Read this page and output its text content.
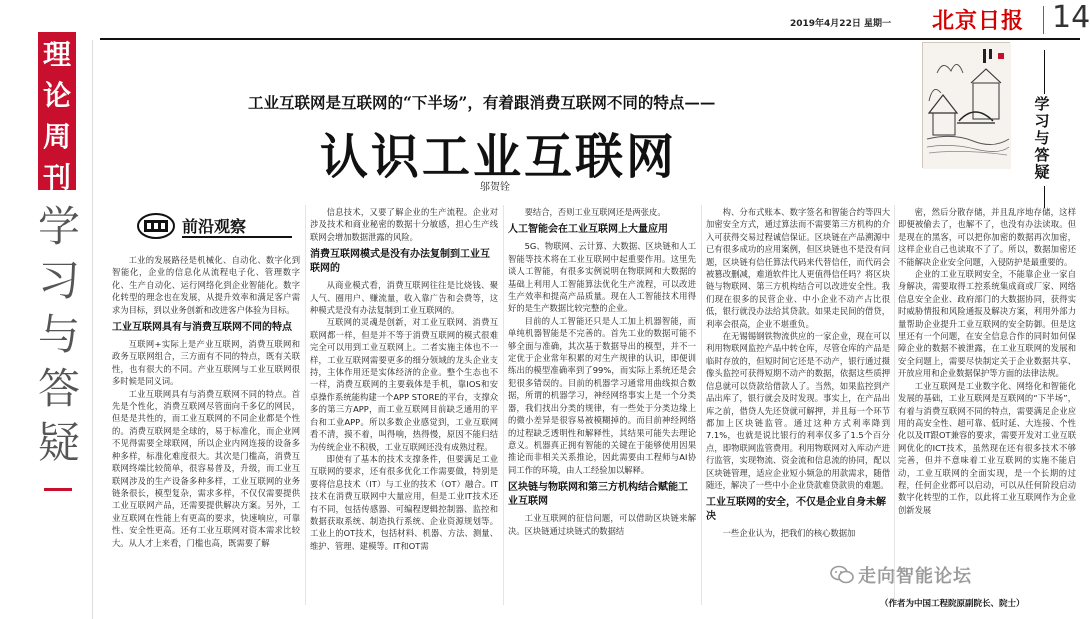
2019年4月22日 星期一 北京日报 14
理
论
周
刊
学
习
与
答
疑
工业互联网是互联网的“下半场”，有着跟消费互联网不同的特点——
认识工业互联网
邬贺铨
学
习
与
答
疑
前沿观察

工业的发展路径是机械化、自动化、数字化到智能化，企业的信息化从流程电子化、管理数字化、生产自动化、运行网络化到企业智能化。数字化转型的理念也在发展，从提升效率和满足客户需求为目标，到以业务创新和改进客户体验为目标。

工业互联网具有与消费互联网不同的特点

互联网+实际上是产业互联网，消费互联网和政务互联网组合，三方面有不同的特点，既有关联性，也有很大的不同。产业互联网与工业互联网很多时候是同义词。

工业互联网具有与消费互联网不同的特点。首先是个性化，消费互联网尽管面向千多亿的网民，但是是共性的，而工业互联网的不同企业都是个性的。消费互联网是全球的，易于标准化，而企业网不见得需要全球联网，所以企业内网连接的设备多种多样，标准化难度很大。其次是门槛高，消费互联网终端比较简单，很容易普及，升级，而工业互联网涉及的生产设备多种多样，工业互联网的业务链条很长，模型复杂，需求多样，不仅仅需要提供工业互联网产品，还需要提供解决方案。另外，工业互联网在性能上有更高的要求，快速响应，可靠性、安全性更高。还有工业互联网对资本需求比较大。从人才上来看，门槛也高，既需要了解

信息技术，又要了解企业的生产流程。企业对涉及技术和商业秘密的数据十分敏感，担心生产线联网会增加数据泄露的风险。

消费互联网模式是没有办法复制到工业互联网的

从商业模式看，消费互联网往往是比烧钱、聚人气、圈用户、赚流量，收入靠广告和会费等，这种模式是没有办法复制到工业互联网的。

互联网的灵魂是创新，对工业互联网、消费互联网都一样，但是并不等于消费互联网的模式很难完全可以用到工业互联网上。二者实施主体也不一样，工业互联网需要更多的细分领域的龙头企业支持，主体作用还是实体经济的企业。整个生态也不一样，消费互联网的主要载体是手机，靠IOS和安卓操作系统能构建一个APP STORE的平台，支撑众多的第三方APP，而工业互联网目前缺乏通用的平台和工业APP。所以多数企业感觉到，工业互联网看不清，摸不着，叫得响，热得慢，原因不能归结为传统企业不积极，工业互联网还没有成熟过程。

即使有了基本的技术支撑条件，但要满足工业互联网的要求，还有很多优化工作需要做，特别是要将信息技术（IT）与工业的技术（OT）融合。IT技术在消费互联网中大量应用，但是工业IT技术还有不同，包括传感器、可编程逻辑控制器、监控和数据获取系统、制造执行系统、企业资源规划等。工业上的OT技术，包括材料、机器、方法、测量、维护、管理、建模等。IT和OT需

要结合，否则工业互联网还是两张皮。

人工智能会在工业互联网上大量应用

5G、物联网、云计算、大数据、区块链和人工智能等技术将在工业互联网中起重要作用。这里先谈人工智能，有很多实例说明在物联网和大数据的基础上利用人工智能算法优化生产流程，可以改进生产效率和提高产品质量。现在人工智能技术用得好的是生产数据比较完整的企业。

目前的人工智能还只是人工加上机器智能，而单纯机器智能是不完善的。首先工业的数据可能不够全面与准确，其次基于数据导出的模型，并不一定优于企业常年积累的对生产规律的认识，即便训练出的模型准确率到了99%，而实际上系统还是会犯很多错误的。目前的机器学习通常用曲线拟合数据，所谓的机器学习，神经网络事实上是一个分类器，我们找出分类的规律，有一些处于分类边缘上的微小差异是很容易被模糊掉的。而目前神经网络的过程缺乏透明性和解释性，其结果可能失去理论意义。机器真正拥有智能的关键在于能够使用因果推论而非相关关系推论，因此需要由工程师与AI协同工作的环境，由人工经验加以解释。

区块链与物联网和第三方机构结合赋能工业互联网

工业互联网的征信问题，可以借助区块链来解决。区块链通过块链式的数据结

构、分布式账本、数字签名和智能合约等四大加密安全方式，通过算法而不需要第三方机构的介入可获得交易过程诚信保证。区块链在产品溯源中已有很多成功的应用案例，但区块链也不是没有问题，区块链有信任算法代码来代替信任，而代码会被篡改删减，难道软件比人更值得信任吗？将区块链与物联网、第三方机构结合可以改进安全性。我们现在很多的民营企业、中小企业不动产占比很低，银行就没办法给其贷款。如果走民间的借贷，利率会很高，企业不堪重负。

在无锡锡钢铁物流供应的一家企业，现在可以利用物联网监控产品中转仓库，尽管仓库的产品是临时存放的，但短时间它还是不动产，银行通过摄像头监控可获得短期不动产的数据，依据这些质押信息就可以贷款给借款人了。当然，如果监控到产品出库了，银行就会及时发现。事实上，在产品出库之前，借贷人先还贷就可解押，并且每一个环节都加上区块链监管。通过这种方式利率降到7.1%，也就是说比银行的利率仅多了1.5个百分点，即物联网监管费用。利用物联网对入库动产进行监管，实现物流、资金流和信息流的协同，配以区块链管理，适应企业短小频急的用款需求，随借随还，解决了一些中小企业贷款难贷款贵的难题。

工业互联网的安全，不仅是企业自身未解决

一些企业认为，把我们的核心数据加

密，然后分散存储，并且乱序地存储，这样即便被偷去了，也解不了，也没有办法读取。但是现在的黑客，可以把你加密的数据再次加密，这样企业自己也读取不了了。所以，数据加密还不能解决企业安全问题，入侵防护是最重要的。

企业的工业互联网安全，不能靠企业一家自身解决，需要取得工控系统集成商或厂家、网络信息安全企业、政府部门的大数据协同，获得实时威胁情报和风险通报及解决方案，利用外部力量帮助企业提升工业互联网的安全防御。但是这里还有一个问题，在安全信息合作的同时如何保障企业的数据不被泄露，在工业互联网的发展和安全问题上，需要尽快制定关于企业数据共享、开放应用和企业数据保护等方面的法律法规。

工业互联网是工业数字化、网络化和智能化发展的基础，工业互联网是互联网的“下半场”，有着与消费互联网不同的特点，需要满足企业应用的高安全性、超可靠、低时延、大连接、个性化以及IT跟OT兼容的要求，需要开发对工业互联网优化的ICT技术，虽然现在还有很多技术不够完善，但并不意味着工业互联网的实施不能启动，工业互联网的全面实现，是一个长期的过程，任何企业都可以启动，可以从任何阶段启动数字化转型的工作，以此将工业互联网作为企业创新发展

走向智能论坛
（作者为中国工程院原副院长、院士）
